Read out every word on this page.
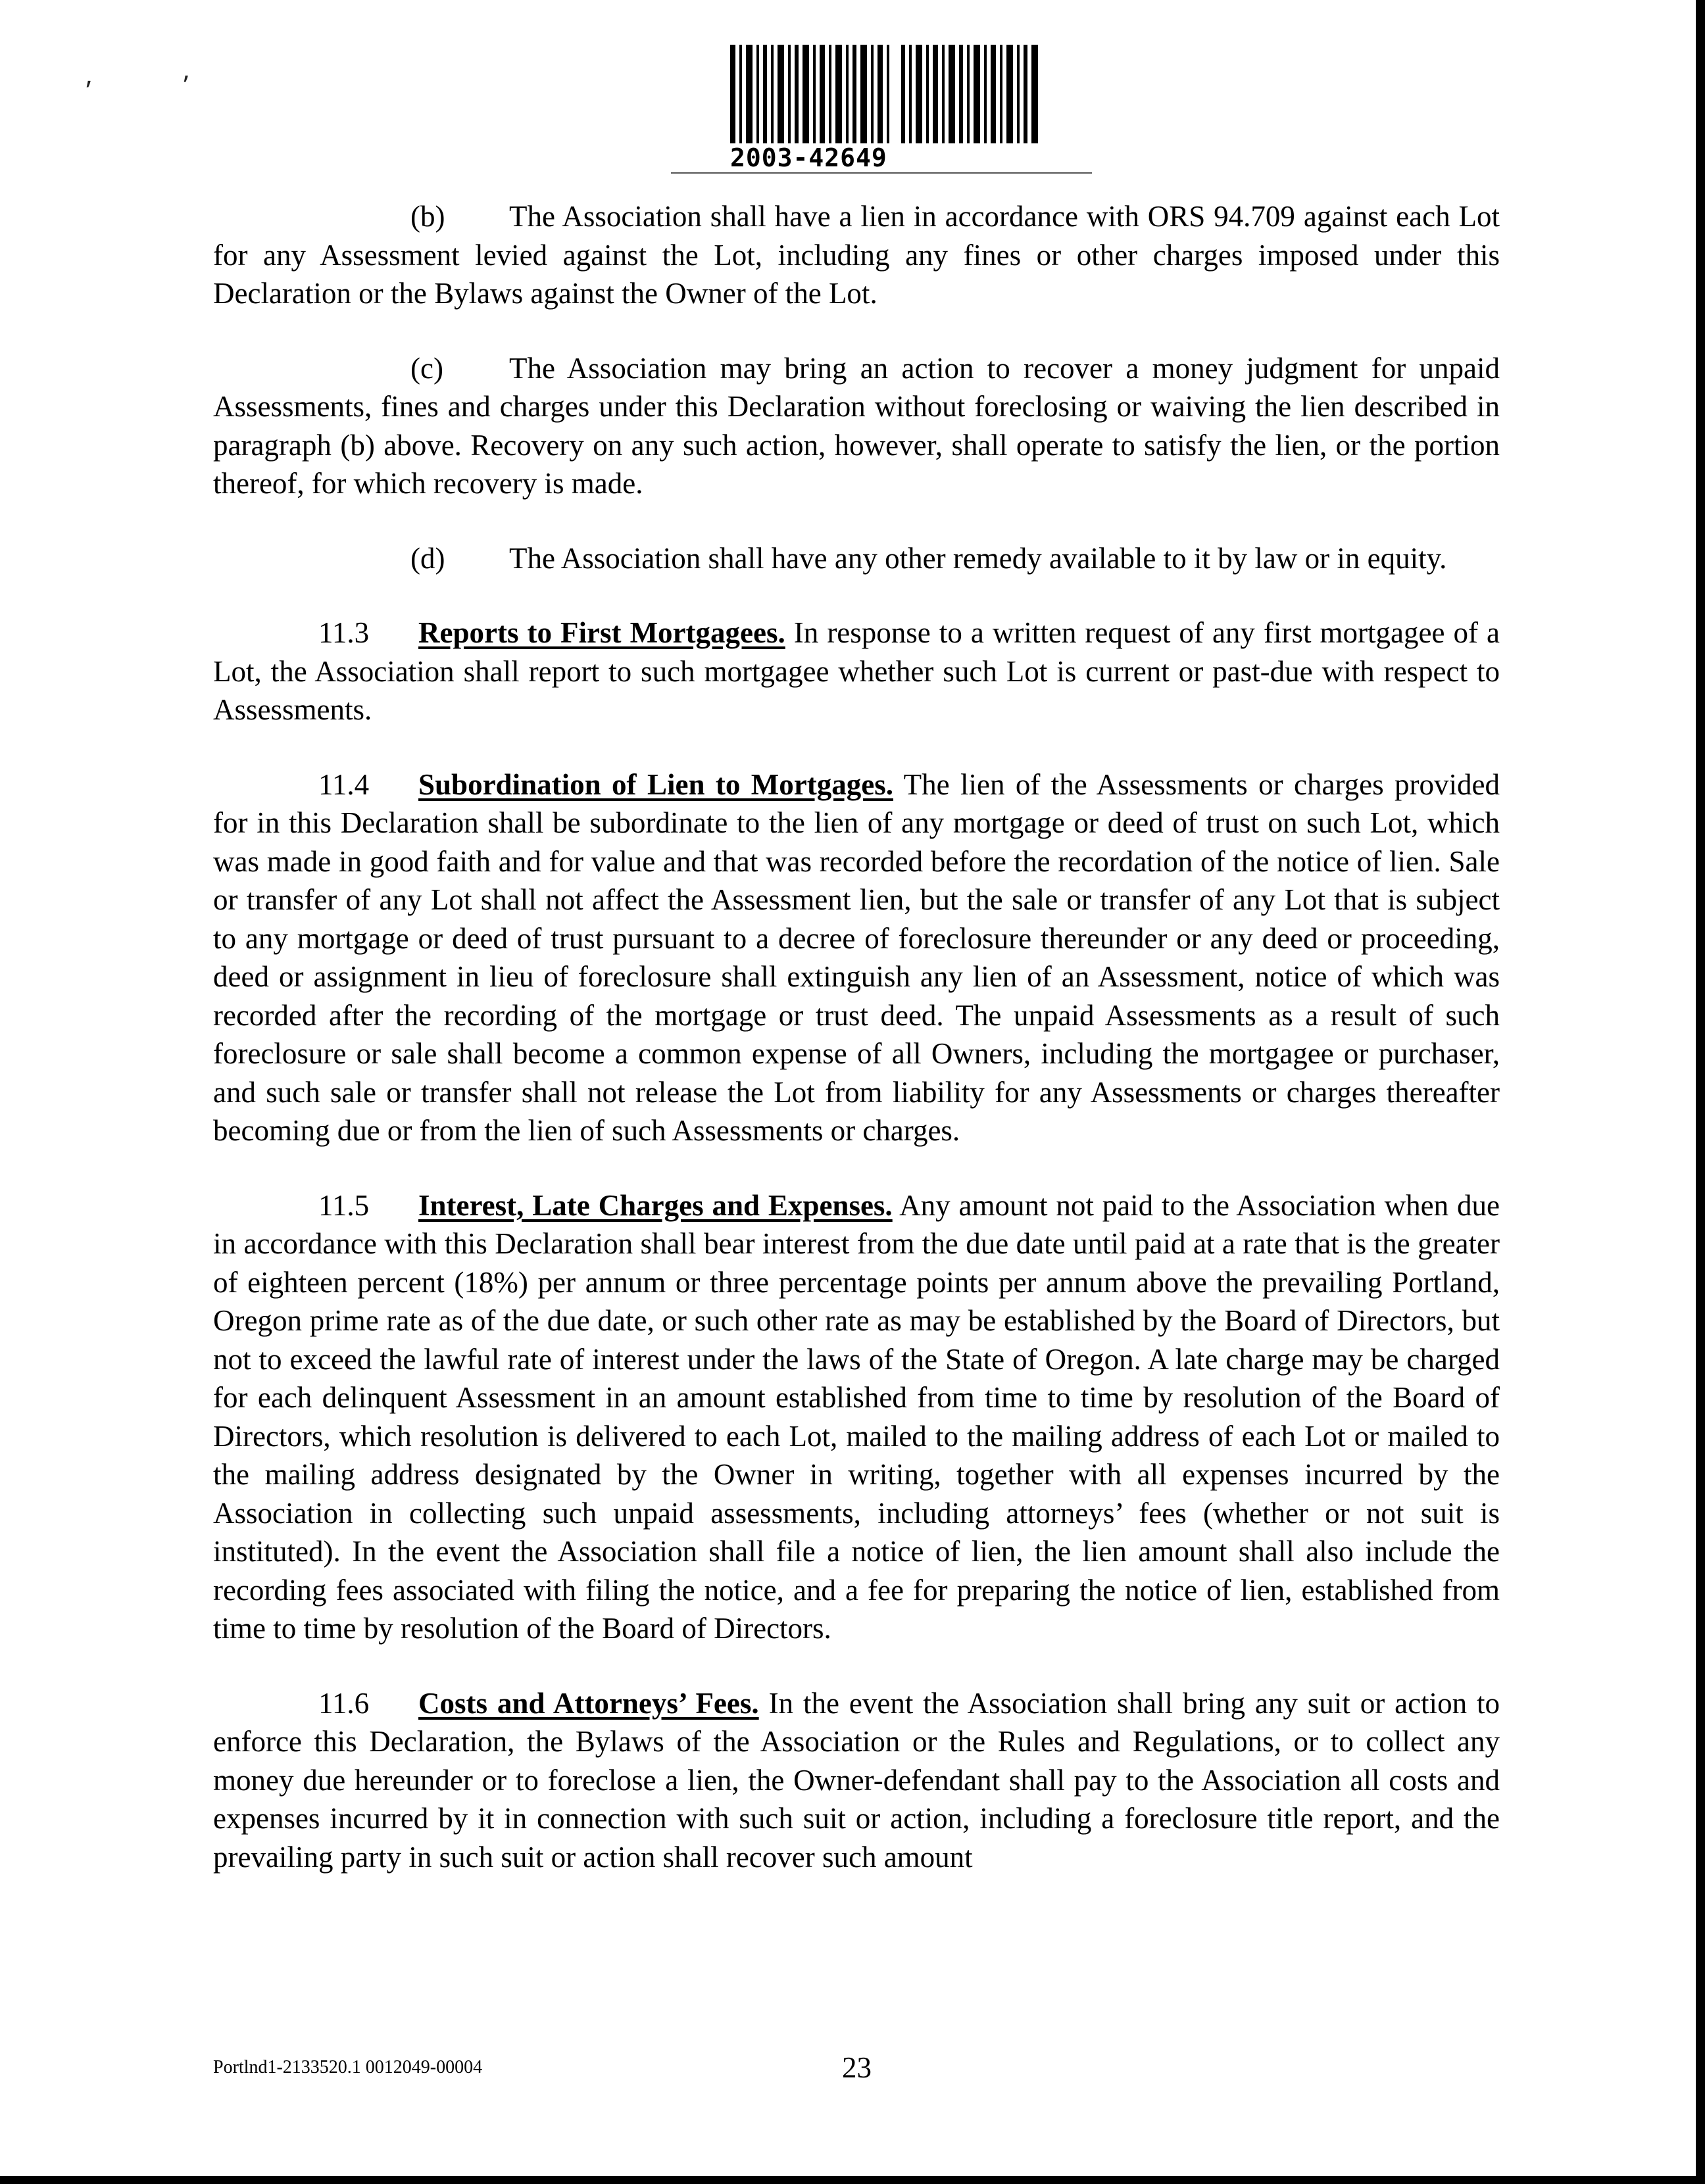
⸴	⸴
2003-42649

(b) The Association shall have a lien in accordance with ORS 94.709 against each Lot for any Assessment levied against the Lot, including any fines or other charges imposed under this Declaration or the Bylaws against the Owner of the Lot.

(c) The Association may bring an action to recover a money judgment for unpaid Assessments, fines and charges under this Declaration without foreclosing or waiving the lien described in paragraph (b) above. Recovery on any such action, however, shall operate to satisfy the lien, or the portion thereof, for which recovery is made.

(d) The Association shall have any other remedy available to it by law or in equity.

11.3 Reports to First Mortgagees. In response to a written request of any first mortgagee of a Lot, the Association shall report to such mortgagee whether such Lot is current or past-due with respect to Assessments.

11.4 Subordination of Lien to Mortgages. The lien of the Assessments or charges provided for in this Declaration shall be subordinate to the lien of any mortgage or deed of trust on such Lot, which was made in good faith and for value and that was recorded before the recordation of the notice of lien. Sale or transfer of any Lot shall not affect the Assessment lien, but the sale or transfer of any Lot that is subject to any mortgage or deed of trust pursuant to a decree of foreclosure thereunder or any deed or proceeding, deed or assignment in lieu of foreclosure shall extinguish any lien of an Assessment, notice of which was recorded after the recording of the mortgage or trust deed. The unpaid Assessments as a result of such foreclosure or sale shall become a common expense of all Owners, including the mortgagee or purchaser, and such sale or transfer shall not release the Lot from liability for any Assessments or charges thereafter becoming due or from the lien of such Assessments or charges.

11.5 Interest, Late Charges and Expenses. Any amount not paid to the Association when due in accordance with this Declaration shall bear interest from the due date until paid at a rate that is the greater of eighteen percent (18%) per annum or three percentage points per annum above the prevailing Portland, Oregon prime rate as of the due date, or such other rate as may be established by the Board of Directors, but not to exceed the lawful rate of interest under the laws of the State of Oregon. A late charge may be charged for each delinquent Assessment in an amount established from time to time by resolution of the Board of Directors, which resolution is delivered to each Lot, mailed to the mailing address of each Lot or mailed to the mailing address designated by the Owner in writing, together with all expenses incurred by the Association in collecting such unpaid assessments, including attorneys’ fees (whether or not suit is instituted). In the event the Association shall file a notice of lien, the lien amount shall also include the recording fees associated with filing the notice, and a fee for preparing the notice of lien, established from time to time by resolution of the Board of Directors.

11.6 Costs and Attorneys’ Fees. In the event the Association shall bring any suit or action to enforce this Declaration, the Bylaws of the Association or the Rules and Regulations, or to collect any money due hereunder or to foreclose a lien, the Owner-defendant shall pay to the Association all costs and expenses incurred by it in connection with such suit or action, including a foreclosure title report, and the prevailing party in such suit or action shall recover such amount

Portlnd1-2133520.1 0012049-00004	23
